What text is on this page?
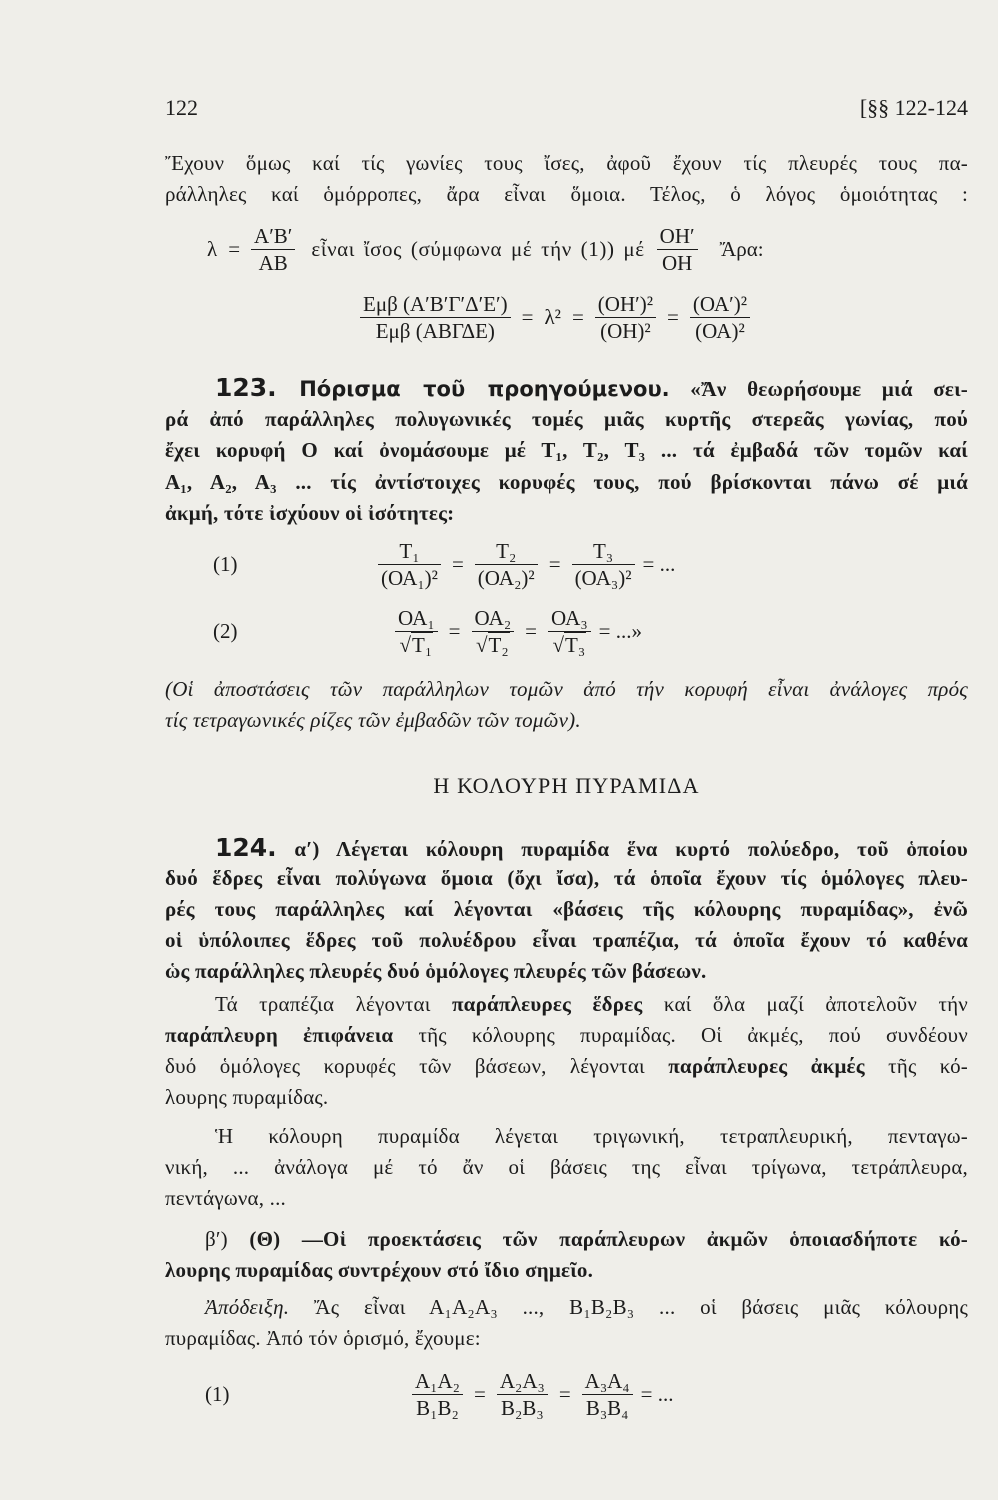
122	[§§ 122-124
Ἔχουν ὅμως καί τίς γωνίες τους ἴσες, ἀφοῦ ἔχουν τίς πλευρές τους πα-
ράλληλες καί ὁμόρροπες, ἄρα εἶναι ὅμοια. Τέλος, ὁ λόγος ὁμοιότητας :
$\lambda = \frac{A'B'}{AB}$ εἶναι ἴσος (σύμφωνα μέ τήν (1)) μέ $\frac{OH'}{OH}$ Ἄρα:
$\frac{\text{Εμβ (Α′Β′Γ′Δ′Ε′)}}{\text{Εμβ (ΑΒΓΔΕ)}} = \lambda^2 = \frac{\text{(ΟΗ′)²}}{\text{(ΟΗ)²}} = \frac{\text{(ΟΑ′)²}}{\text{(ΟΑ)²}}$
123. Πόρισμα τοῦ προηγούμενου. «Ἄν θεωρήσουμε μιά σει-
ρά ἀπό παράλληλες πολυγωνικές τομές μιᾶς κυρτῆς στερεᾶς γωνίας, πού
ἔχει κορυφή Ο καί ὀνομάσουμε μέ Τ₁, Τ₂, Τ₃ ... τά ἐμβαδά τῶν τομῶν καί
Α₁, Α₂, Α₃ ... τίς ἀντίστοιχες κορυφές τους, πού βρίσκονται πάνω σέ μιά
ἀκμή, τότε ἰσχύουν οἱ ἰσότητες:
(1)	$\frac{\text{Τ₁}}{\text{(ΟΑ₁)²}} = \frac{\text{Τ₂}}{\text{(ΟΑ₂)²}} = \frac{\text{Τ₃}}{\text{(ΟΑ₃)²}}$ = ...
(2)	$\frac{\text{ΟΑ₁}}{\text{√Τ₁}} = \frac{\text{ΟΑ₂}}{\text{√Τ₂}} = \frac{\text{ΟΑ₃}}{\text{√Τ₃}}$ = ...»
(Οἱ ἀποστάσεις τῶν παράλληλων τομῶν ἀπό τήν κορυφή εἶναι ἀνάλογες πρός
τίς τετραγωνικές ρίζες τῶν ἐμβαδῶν τῶν τομῶν).
Η ΚΟΛΟΥΡΗ ΠΥΡΑΜΙΔΑ
124. α′) Λέγεται κόλουρη πυραμίδα ἕνα κυρτό πολύεδρο, τοῦ ὁποίου
δυό ἕδρες εἶναι πολύγωνα ὅμοια (ὄχι ἴσα), τά ὁποῖα ἔχουν τίς ὁμόλογες πλευ-
ρές τους παράλληλες καί λέγονται «βάσεις τῆς κόλουρης πυραμίδας», ἐνῶ
οἱ ὑπόλοιπες ἕδρες τοῦ πολυέδρου εἶναι τραπέζια, τά ὁποῖα ἔχουν τό καθένα
ὡς παράλληλες πλευρές δυό ὁμόλογες πλευρές τῶν βάσεων.
Τά τραπέζια λέγονται παράπλευρες ἕδρες καί ὅλα μαζί ἀποτελοῦν τήν
παράπλευρη ἐπιφάνεια τῆς κόλουρης πυραμίδας. Οἱ ἀκμές, πού συνδέουν
δυό ὁμόλογες κορυφές τῶν βάσεων, λέγονται παράπλευρες ἀκμές τῆς κό-
λουρης πυραμίδας.
Ἡ κόλουρη πυραμίδα λέγεται τριγωνική, τετραπλευρική, πενταγω-
νική, ... ἀνάλογα μέ τό ἄν οἱ βάσεις της εἶναι τρίγωνα, τετράπλευρα,
πεντάγωνα, ...
β′) (Θ) —Οἱ προεκτάσεις τῶν παράπλευρων ἀκμῶν ὁποιασδήποτε κό-
λουρης πυραμίδας συντρέχουν στό ἴδιο σημεῖο.
Ἀπόδειξη. Ἄς εἶναι Α₁Α₂Α₃ ..., Β₁Β₂Β₃ ... οἱ βάσεις μιᾶς κόλουρης
πυραμίδας. Ἀπό τόν ὁρισμό, ἔχουμε:
(1)	$\frac{\text{Α₁Α₂}}{\text{Β₁Β₂}} = \frac{\text{Α₂Α₃}}{\text{Β₂Β₃}} = \frac{\text{Α₃Α₄}}{\text{Β₃Β₄}}$ = ...
